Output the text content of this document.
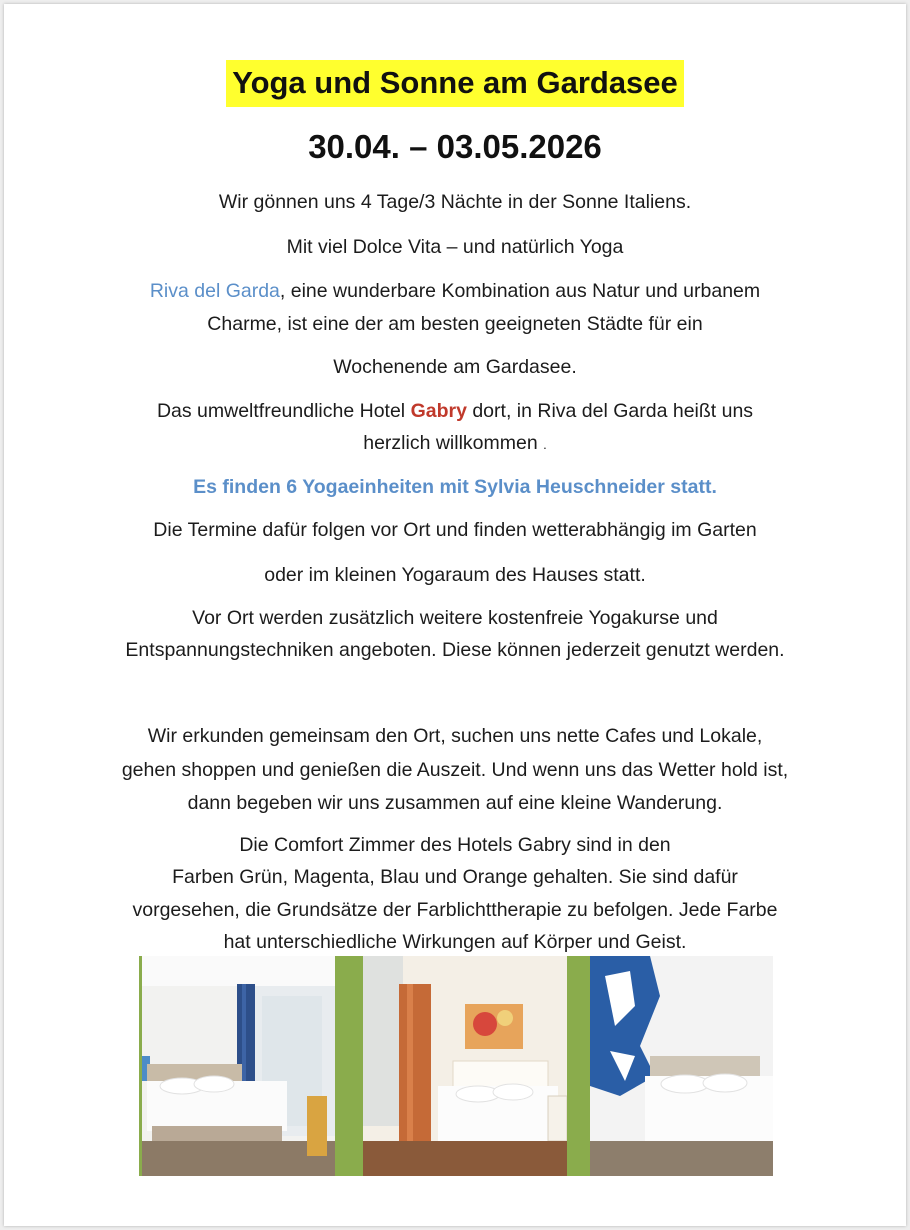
Yoga und Sonne am Gardasee
30.04. – 03.05.2026
Wir gönnen uns 4 Tage/3 Nächte in der Sonne Italiens.
Mit viel Dolce Vita – und natürlich Yoga
Riva del Garda, eine wunderbare Kombination aus Natur und urbanem
Charme, ist eine der am besten geeigneten Städte für ein
Wochenende am Gardasee.
Das umweltfreundliche Hotel Gabry dort, in Riva del Garda heißt uns
herzlich willkommen .
Es finden 6 Yogaeinheiten mit Sylvia Heuschneider statt.
Die Termine dafür folgen vor Ort und finden wetterabhängig im Garten
oder im kleinen Yogaraum des Hauses statt.
Vor Ort werden zusätzlich weitere kostenfreie Yogakurse und
Entspannungstechniken angeboten. Diese können jederzeit genutzt werden.
Wir erkunden gemeinsam den Ort, suchen uns nette Cafes und Lokale,
gehen shoppen und genießen die Auszeit. Und wenn uns das Wetter hold ist,
dann begeben wir uns zusammen auf eine kleine Wanderung.
Die Comfort Zimmer des Hotels Gabry sind in den
Farben Grün, Magenta, Blau und Orange gehalten. Sie sind dafür
vorgesehen, die Grundsätze der Farblichttherapie zu befolgen. Jede Farbe
hat unterschiedliche Wirkungen auf Körper und Geist.
